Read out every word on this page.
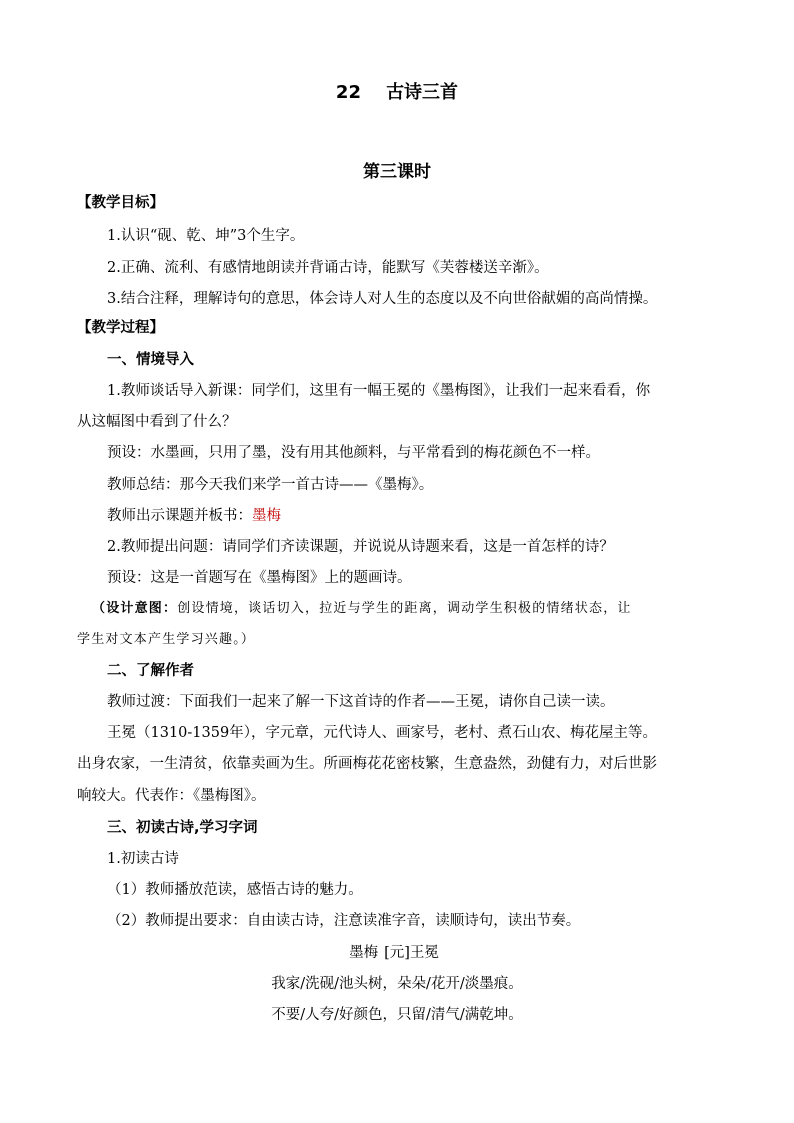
22 古诗三首
第三课时
【教学目标】
1.认识“砚、乾、坤”3个生字。
2.正确、流利、有感情地朗读并背诵古诗，能默写《芙蓉楼送辛渐》。
3.结合注释，理解诗句的意思，体会诗人对人生的态度以及不向世俗献媚的高尚情操。
【教学过程】
一、情境导入
1.教师谈话导入新课：同学们，这里有一幅王冕的《墨梅图》，让我们一起来看看，你
从这幅图中看到了什么？
预设：水墨画，只用了墨，没有用其他颜料，与平常看到的梅花颜色不一样。
教师总结：那今天我们来学一首古诗——《墨梅》。
教师出示课题并板书：墨梅
2.教师提出问题：请同学们齐读课题，并说说从诗题来看，这是一首怎样的诗？
预设：这是一首题写在《墨梅图》上的题画诗。
（设计意图：创设情境，谈话切入，拉近与学生的距离，调动学生积极的情绪状态，让
学生对文本产生学习兴趣。）
二、了解作者
教师过渡：下面我们一起来了解一下这首诗的作者——王冕，请你自己读一读。
王冕（1310-1359年），字元章，元代诗人、画家号，老村、煮石山农、梅花屋主等。
出身农家，一生清贫，依靠卖画为生。所画梅花花密枝繁，生意盎然，劲健有力，对后世影
响较大。代表作：《墨梅图》。
三、初读古诗,学习字词
1.初读古诗
（1）教师播放范读，感悟古诗的魅力。
（2）教师提出要求：自由读古诗，注意读准字音，读顺诗句，读出节奏。
墨梅 [元]王冕
我家/洗砚/池头树，朵朵/花开/淡墨痕。
不要/人夸/好颜色，只留/清气/满乾坤。
